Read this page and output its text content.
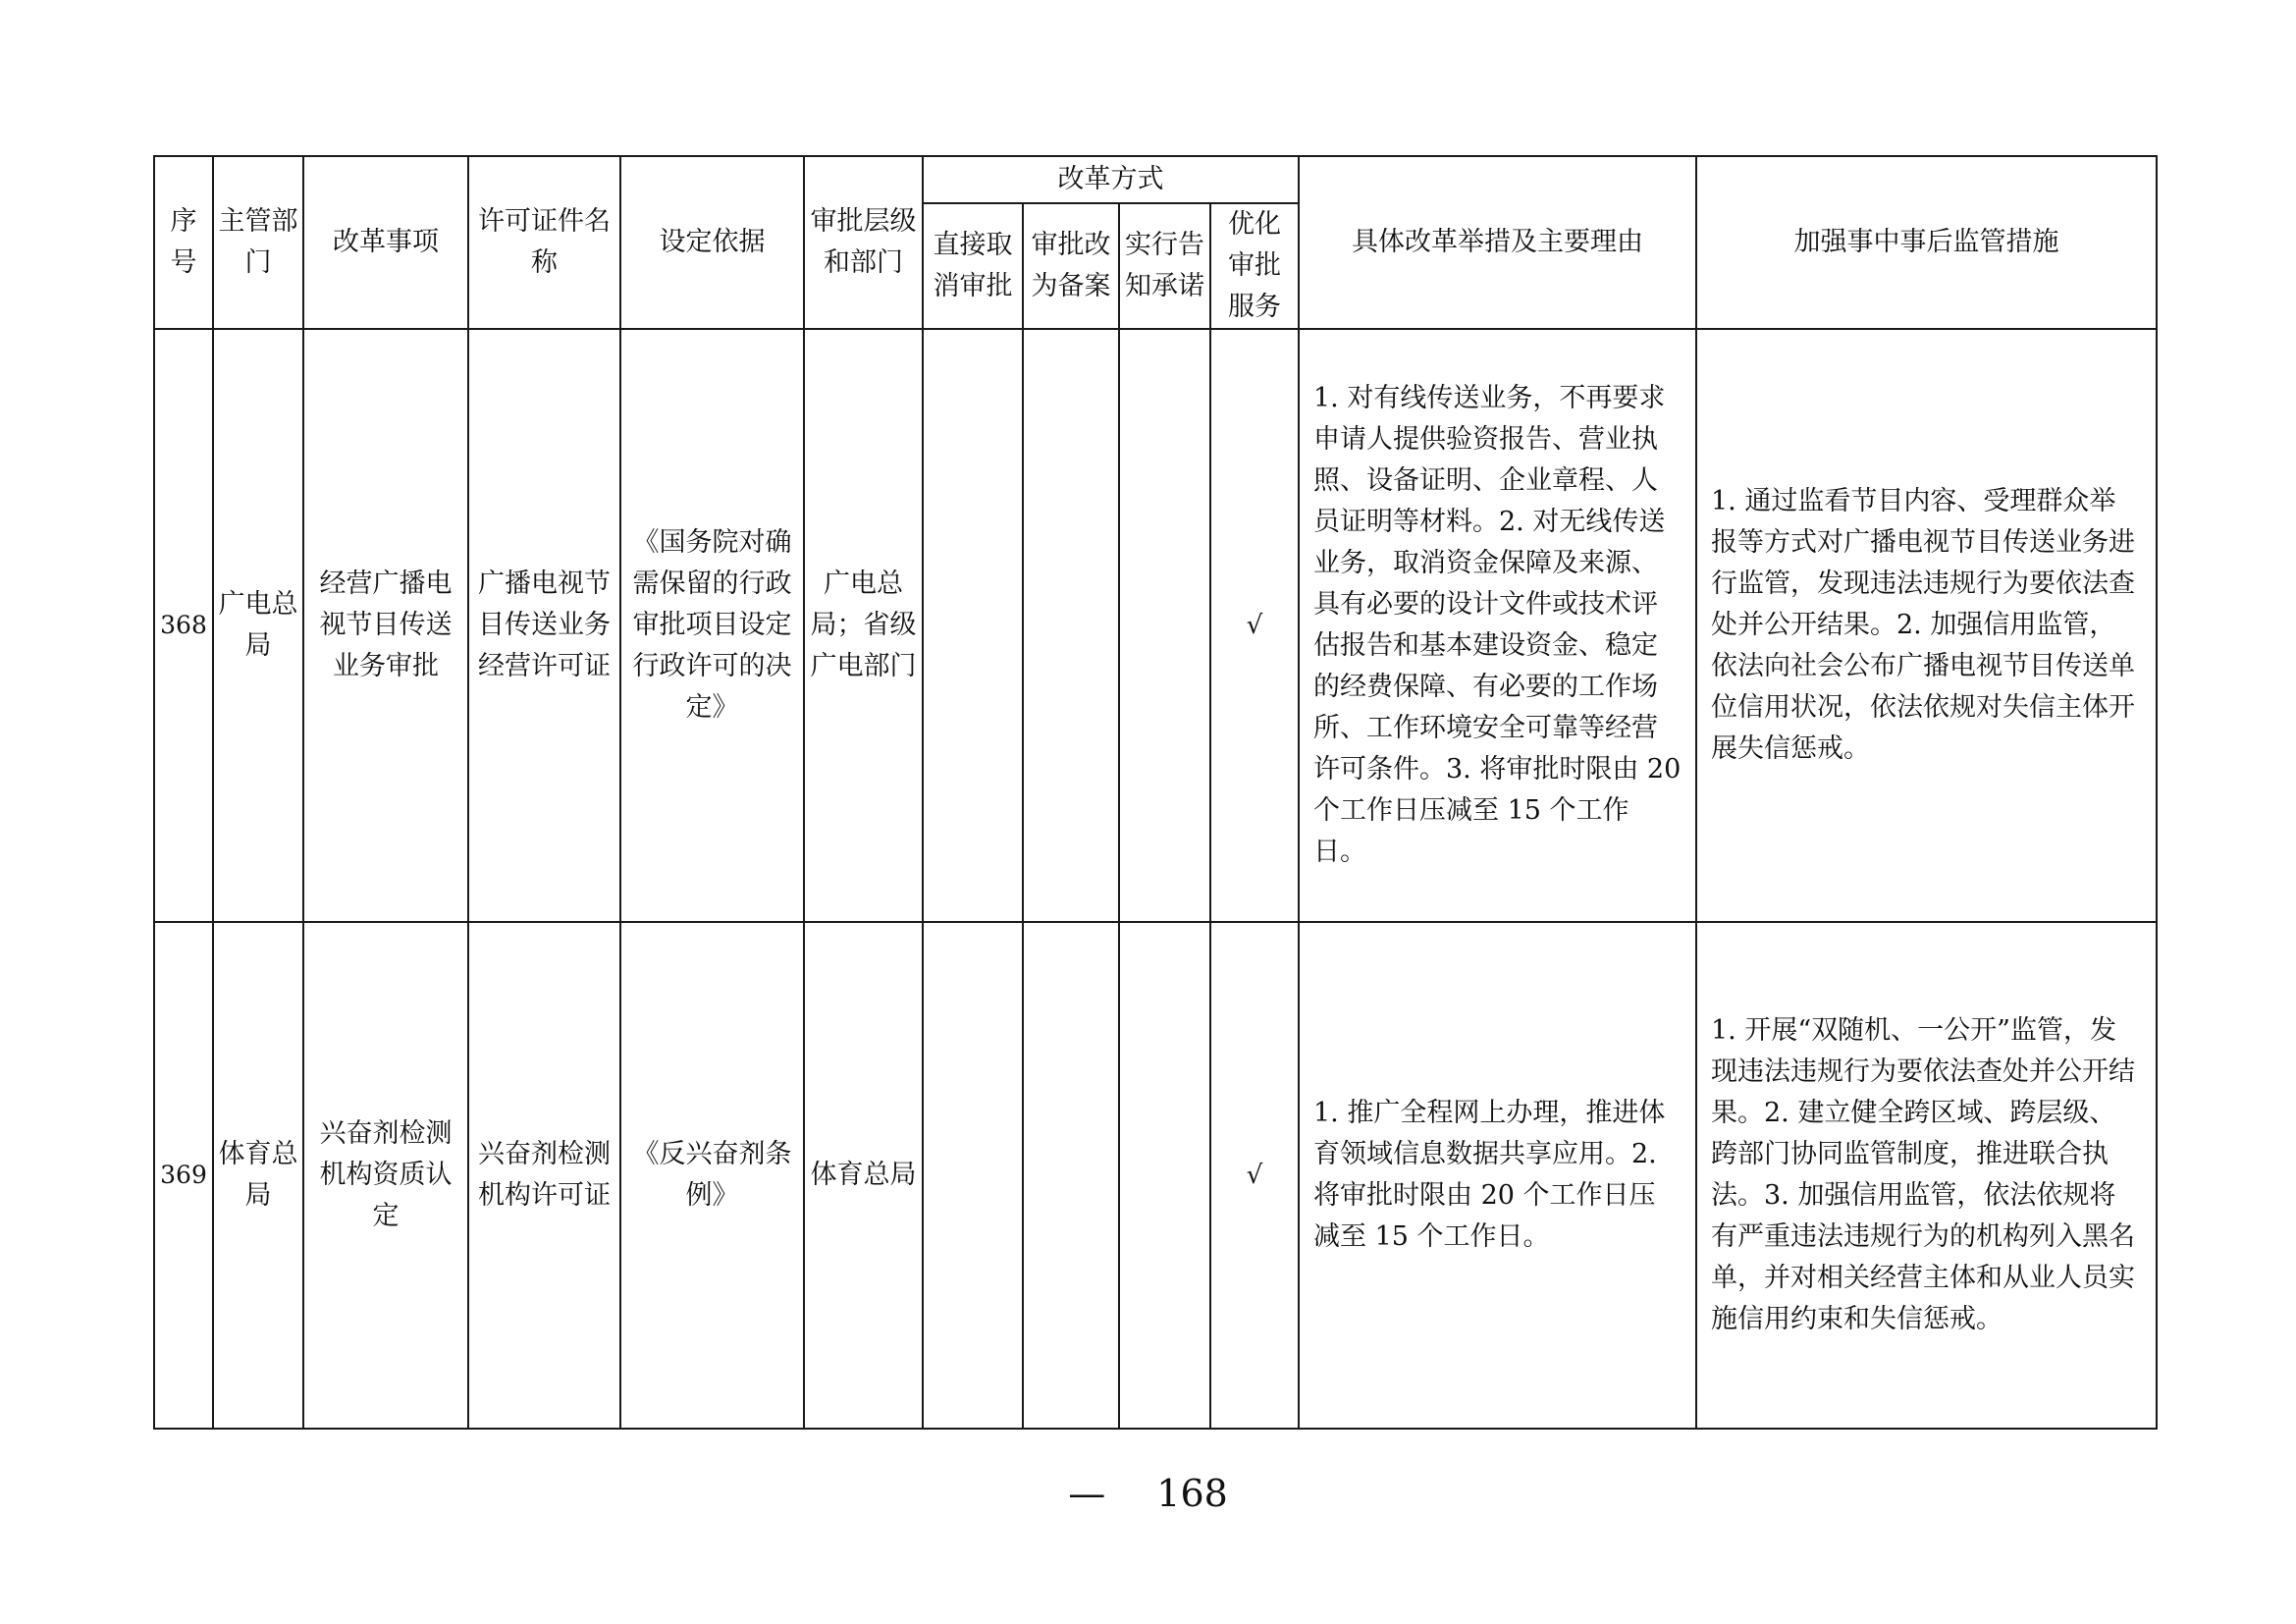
序号	主管部门	改革事项	许可证件名称	设定依据	审批层级和部门	改革方式				具体改革举措及主要理由	加强事中事后监管措施
						直接取消审批	审批改为备案	实行告知承诺	优化审批服务		
368	广电总局	经营广播电视节目传送业务审批	广播电视节目传送业务经营许可证	《国务院对确需保留的行政审批项目设定行政许可的决定》	广电总局；省级广电部门				√	1. 对有线传送业务，不再要求申请人提供验资报告、营业执照、设备证明、企业章程、人员证明等材料。2. 对无线传送业务，取消资金保障及来源、具有必要的设计文件或技术评估报告和基本建设资金、稳定的经费保障、有必要的工作场所、工作环境安全可靠等经营许可条件。3. 将审批时限由 20 个工作日压减至 15 个工作日。	1. 通过监看节目内容、受理群众举报等方式对广播电视节目传送业务进行监管，发现违法违规行为要依法查处并公开结果。2. 加强信用监管，依法向社会公布广播电视节目传送单位信用状况，依法依规对失信主体开展失信惩戒。
369	体育总局	兴奋剂检测机构资质认定	兴奋剂检测机构许可证	《反兴奋剂条例》	体育总局				√	1. 推广全程网上办理，推进体育领域信息数据共享应用。2. 将审批时限由 20 个工作日压减至 15 个工作日。	1. 开展“双随机、一公开”监管，发现违法违规行为要依法查处并公开结果。2. 建立健全跨区域、跨层级、跨部门协同监管制度，推进联合执法。3. 加强信用监管，依法依规将有严重违法违规行为的机构列入黑名单，并对相关经营主体和从业人员实施信用约束和失信惩戒。
— 168
